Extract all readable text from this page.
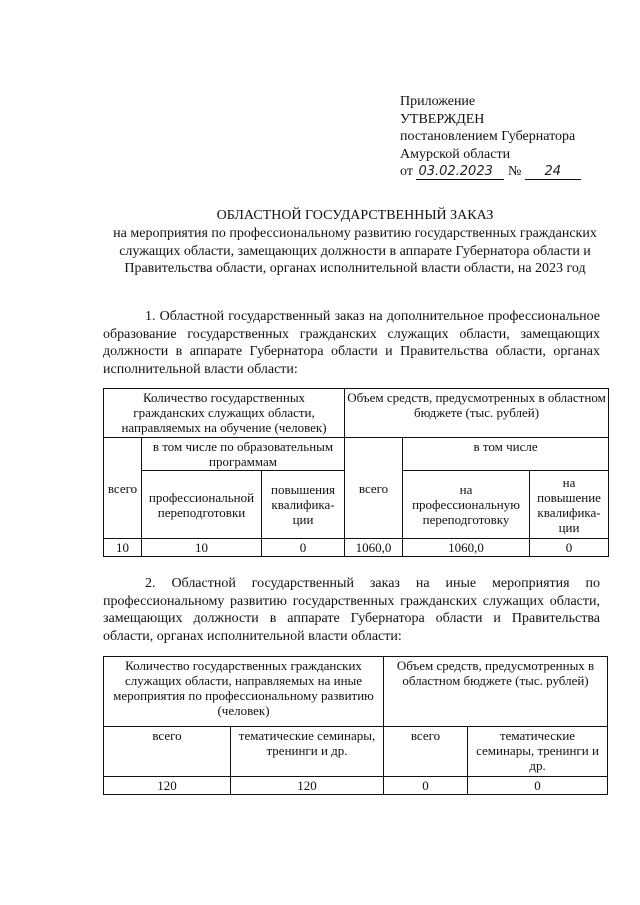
Приложение
УТВЕРЖДЕН
постановлением Губернатора
Амурской области
от 03.02.2023 № 24
ОБЛАСТНОЙ ГОСУДАРСТВЕННЫЙ ЗАКАЗ
на мероприятия по профессиональному развитию государственных гражданских служащих области, замещающих должности в аппарате Губернатора области и Правительства области, органах исполнительной власти области, на 2023 год
1. Областной государственный заказ на дополнительное профессиональное образование государственных гражданских служащих области, замещающих должности в аппарате Губернатора области и Правительства области, органах исполнительной власти области:
Количество государственных гражданских служащих области, направляемых на обучение (человек)			Объем средств, предусмотренных в областном бюджете (тыс. рублей)		
всего	в том числе по образовательным программам		всего	в том числе	
	профессиональной переподготовки	повышения квалифика-ции		на профессиональную переподготовку	на повышение квалифика-ции
10	10	0	1060,0	1060,0	0
2. Областной государственный заказ на иные мероприятия по профессиональному развитию государственных гражданских служащих области, замещающих должности в аппарате Губернатора области и Правительства области, органах исполнительной власти области:
Количество государственных гражданских служащих области, направляемых на иные мероприятия по профессиональному развитию (человек)		Объем средств, предусмотренных в областном бюджете (тыс. рублей)	
всего	тематические семинары, тренинги и др.	всего	тематические семинары, тренинги и др.
120	120	0	0
